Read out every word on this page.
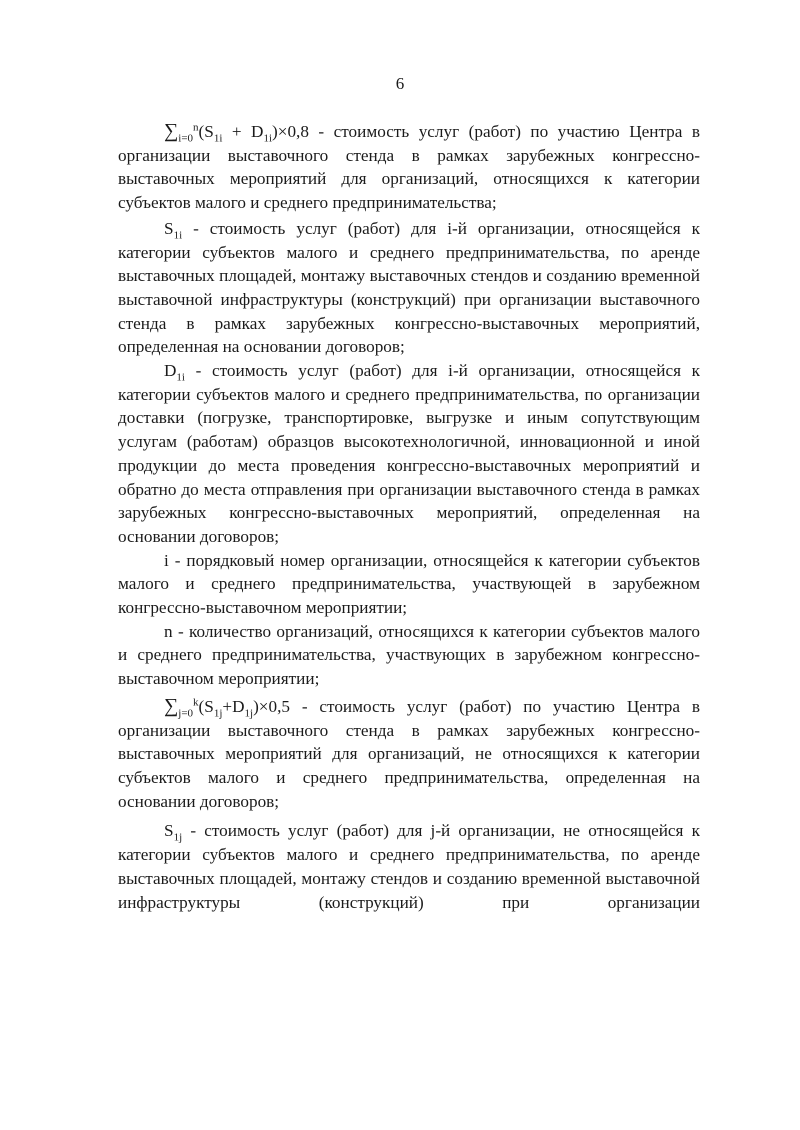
6

$\sum_{i=0}^n(S_{1i} + D_{1i})\times 0,8$ - стоимость услуг (работ) по участию Центра в организации выставочного стенда в рамках зарубежных конгрессно-выставочных мероприятий для организаций, относящихся к категории субъектов малого и среднего предпринимательства;

$S_{1i}$ - стоимость услуг (работ) для i-й организации, относящейся к категории субъектов малого и среднего предпринимательства, по аренде выставочных площадей, монтажу выставочных стендов и созданию временной выставочной инфраструктуры (конструкций) при организации выставочного стенда в рамках зарубежных конгрессно-выставочных мероприятий, определенная на основании договоров;

$D_{1i}$ - стоимость услуг (работ) для i-й организации, относящейся к категории субъектов малого и среднего предпринимательства, по организации доставки (погрузке, транспортировке, выгрузке и иным сопутствующим услугам (работам) образцов высокотехнологичной, инновационной и иной продукции до места проведения конгрессно-выставочных мероприятий и обратно до места отправления при организации выставочного стенда в рамках зарубежных конгрессно-выставочных мероприятий, определенная на основании договоров;

i - порядковый номер организации, относящейся к категории субъектов малого и среднего предпринимательства, участвующей в зарубежном конгрессно-выставочном мероприятии;

n - количество организаций, относящихся к категории субъектов малого и среднего предпринимательства, участвующих в зарубежном конгрессно-выставочном мероприятии;

$\sum_{j=0}^k(S_{1j}+D_{1j})\times 0,5$ - стоимость услуг (работ) по участию Центра в организации выставочного стенда в рамках зарубежных конгрессно-выставочных мероприятий для организаций, не относящихся к категории субъектов малого и среднего предпринимательства, определенная на основании договоров;

$S_{1j}$ - стоимость услуг (работ) для j-й организации, не относящейся к категории субъектов малого и среднего предпринимательства, по аренде выставочных площадей, монтажу стендов и созданию временной выставочной инфраструктуры (конструкций) при организации
